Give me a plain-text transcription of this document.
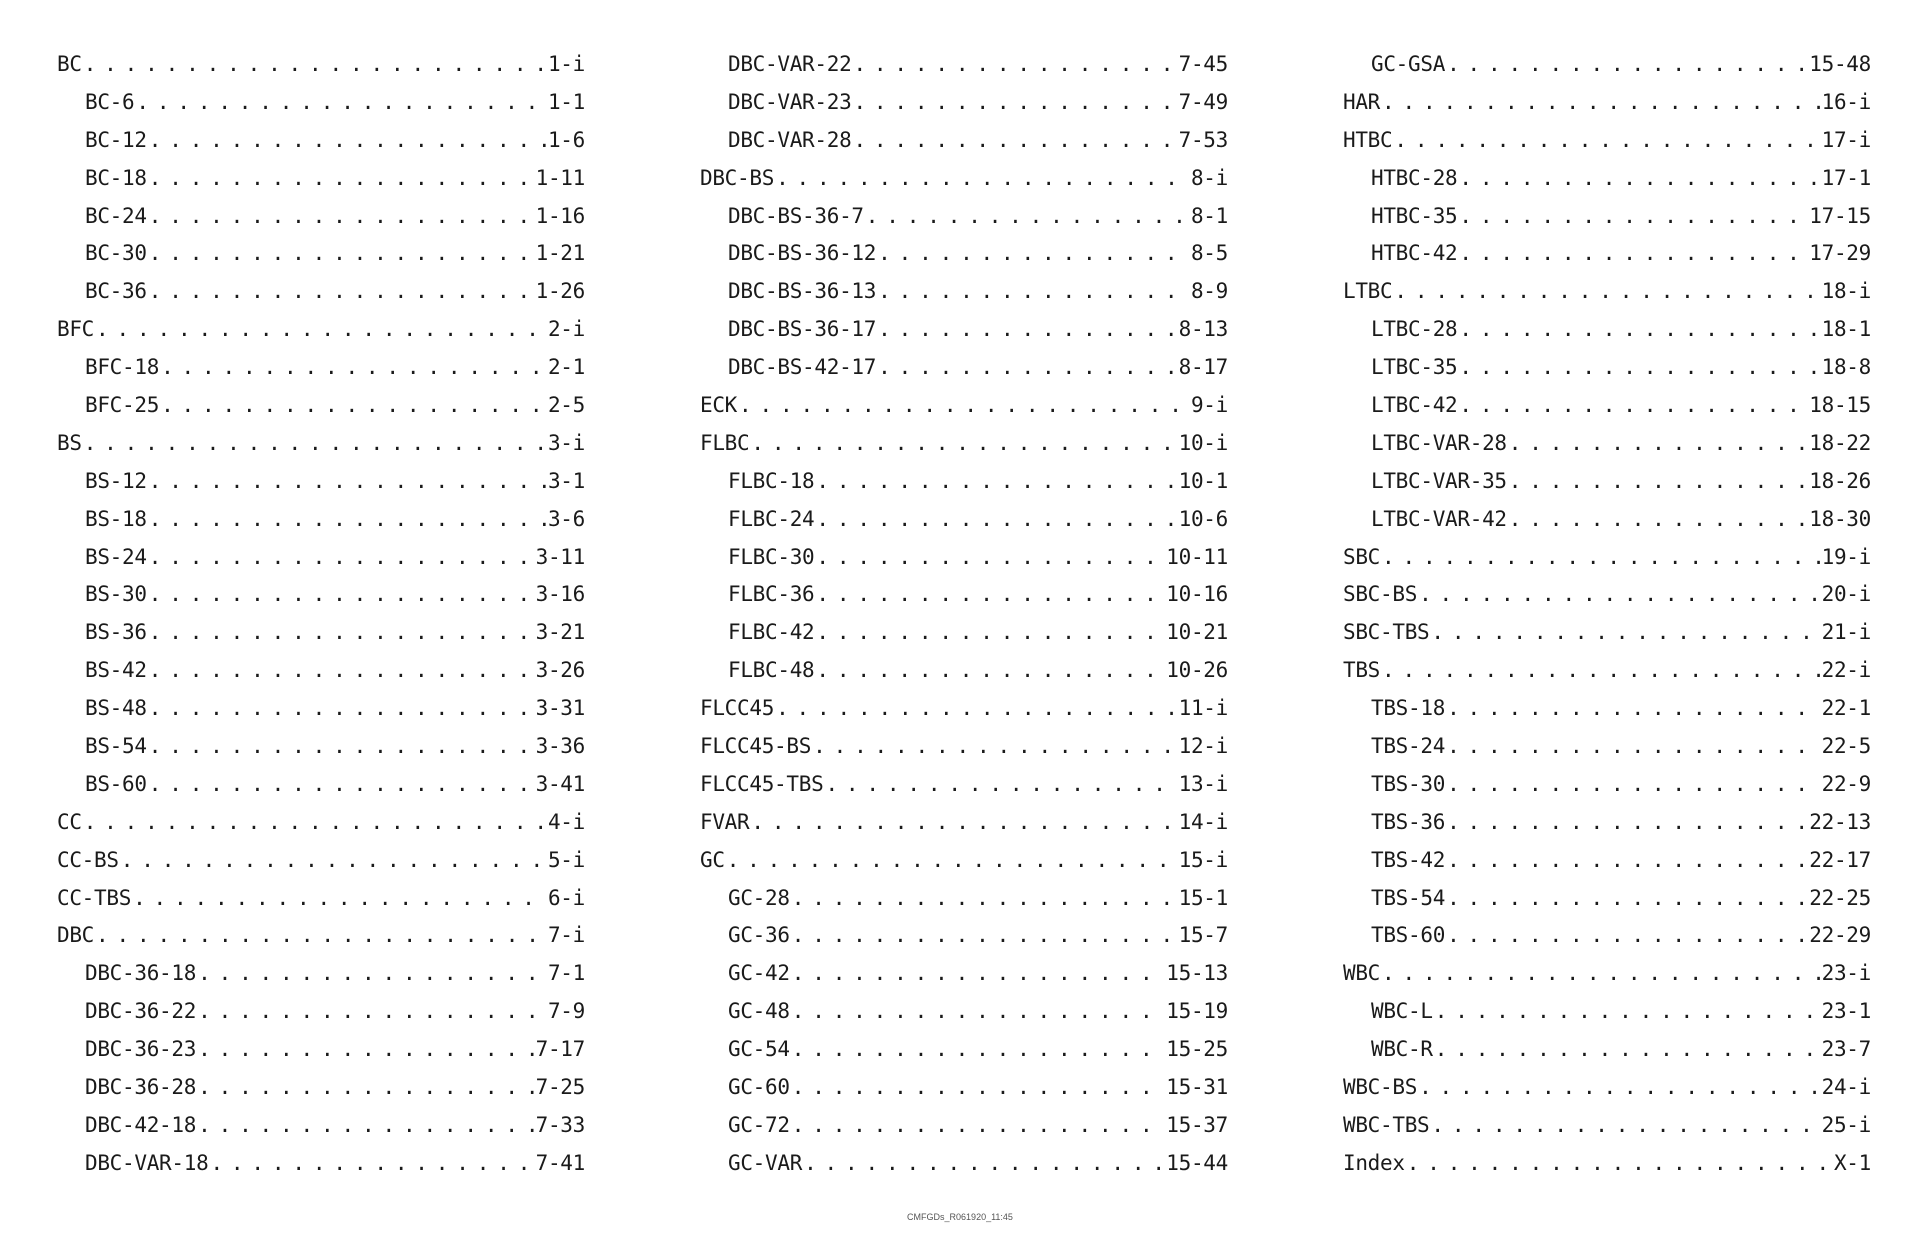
BC . . .	1-i
BC-6 . . .	1-1
BC-12 . . .	1-6
BC-18 . . .	1-11
BC-24 . . .	1-16
BC-30 . . .	1-21
BC-36 . . .	1-26
BFC . . .	2-i
BFC-18 . . .	2-1
BFC-25 . . .	2-5
BS . . .	3-i
BS-12 . . .	3-1
BS-18 . . .	3-6
BS-24 . . .	3-11
BS-30 . . .	3-16
BS-36 . . .	3-21
BS-42 . . .	3-26
BS-48 . . .	3-31
BS-54 . . .	3-36
BS-60 . . .	3-41
CC . . .	4-i
CC-BS . . .	5-i
CC-TBS . . .	6-i
DBC . . .	7-i
DBC-36-18 . . .	7-1
DBC-36-22 . . .	7-9
DBC-36-23 . . .	7-17
DBC-36-28 . . .	7-25
DBC-42-18 . . .	7-33
DBC-VAR-18 . . .	7-41
DBC-VAR-22 . . .	7-45
DBC-VAR-23 . . .	7-49
DBC-VAR-28 . . .	7-53
DBC-BS . . .	8-i
DBC-BS-36-7 . . .	8-1
DBC-BS-36-12 . . .	8-5
DBC-BS-36-13 . . .	8-9
DBC-BS-36-17 . . .	8-13
DBC-BS-42-17 . . .	8-17
ECK . . .	9-i
FLBC . . .	10-i
FLBC-18 . . .	10-1
FLBC-24 . . .	10-6
FLBC-30 . . .	10-11
FLBC-36 . . .	10-16
FLBC-42 . . .	10-21
FLBC-48 . . .	10-26
FLCC45 . . .	11-i
FLCC45-BS . . .	12-i
FLCC45-TBS . . .	13-i
FVAR . . .	14-i
GC . . .	15-i
GC-28 . . .	15-1
GC-36 . . .	15-7
GC-42 . . .	15-13
GC-48 . . .	15-19
GC-54 . . .	15-25
GC-60 . . .	15-31
GC-72 . . .	15-37
GC-VAR . . .	15-44
GC-GSA . . .	15-48
HAR . . .	16-i
HTBC . . .	17-i
HTBC-28 . . .	17-1
HTBC-35 . . .	17-15
HTBC-42 . . .	17-29
LTBC . . .	18-i
LTBC-28 . . .	18-1
LTBC-35 . . .	18-8
LTBC-42 . . .	18-15
LTBC-VAR-28 . . .	18-22
LTBC-VAR-35 . . .	18-26
LTBC-VAR-42 . . .	18-30
SBC . . .	19-i
SBC-BS . . .	20-i
SBC-TBS . . .	21-i
TBS . . .	22-i
TBS-18 . . .	22-1
TBS-24 . . .	22-5
TBS-30 . . .	22-9
TBS-36 . . .	22-13
TBS-42 . . .	22-17
TBS-54 . . .	22-25
TBS-60 . . .	22-29
WBC . . .	23-i
WBC-L . . .	23-1
WBC-R . . .	23-7
WBC-BS . . .	24-i
WBC-TBS . . .	25-i
Index . . .	X-1
CMFGDs_R061920_11:45
